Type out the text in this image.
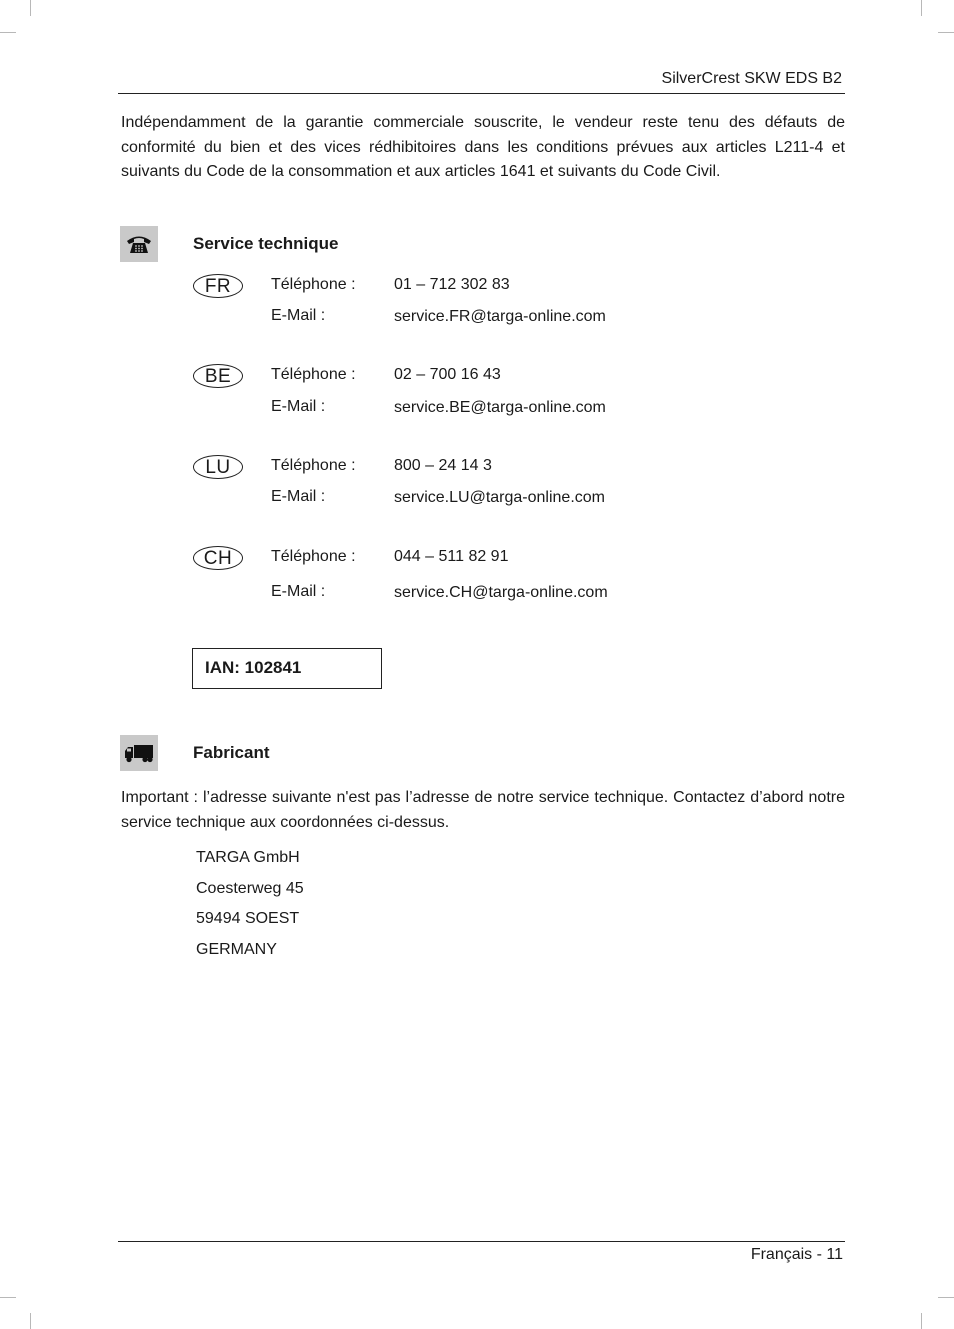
SilverCrest SKW EDS B2

Indépendamment de la garantie commerciale souscrite, le vendeur reste tenu des défauts de conformité du bien et des vices rédhibitoires dans les conditions prévues aux articles L211-4 et suivants du Code de la consommation et aux articles 1641 et suivants du Code Civil.

Service technique
FR	Téléphone : 01 – 712 302 83
E-Mail :	service.FR@targa-online.com
BE	Téléphone : 02 – 700 16 43
E-Mail :	service.BE@targa-online.com
LU	Téléphone : 800 – 24 14 3
E-Mail :	service.LU@targa-online.com
CH	Téléphone : 044 – 511 82 91
E-Mail :	service.CH@targa-online.com
IAN: 102841
Fabricant

Important : l’adresse suivante n'est pas l’adresse de notre service technique. Contactez d’abord notre service technique aux coordonnées ci-dessus.

TARGA GmbH
Coesterweg 45
59494 SOEST
GERMANY
Français - 11
